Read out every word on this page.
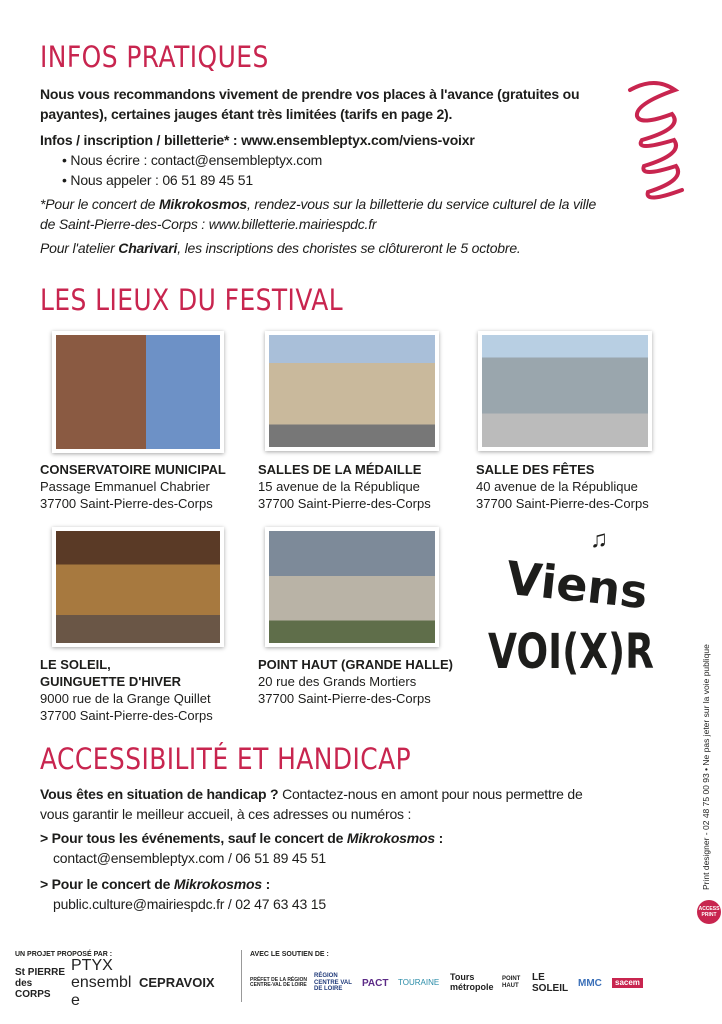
INFOS PRATIQUES
Nous vous recommandons vivement de prendre vos places à l'avance (gratuites ou payantes), certaines jauges étant très limitées (tarifs en page 2).
Infos / inscription / billetterie* : www.ensembleptyx.com/viens-voixr
• Nous écrire : contact@ensembleptyx.com
• Nous appeler : 06 51 89 45 51
*Pour le concert de Mikrokosmos, rendez-vous sur la billetterie du service culturel de la ville de Saint-Pierre-des-Corps : www.billetterie.mairiespdc.fr
Pour l'atelier Charivari, les inscriptions des choristes se clôtureront le 5 octobre.
LES LIEUX DU FESTIVAL
CONSERVATOIRE MUNICIPAL
Passage Emmanuel Chabrier
37700 Saint-Pierre-des-Corps
SALLES DE LA MÉDAILLE
15 avenue de la République
37700 Saint-Pierre-des-Corps
SALLE DES FÊTES
40 avenue de la République
37700 Saint-Pierre-des-Corps
LE SOLEIL,
GUINGUETTE D'HIVER
9000 rue de la Grange Quillet
37700 Saint-Pierre-des-Corps
POINT HAUT (GRANDE HALLE)
20 rue des Grands Mortiers
37700 Saint-Pierre-des-Corps
♫
Viens
VOI(X)R
ACCESSIBILITÉ ET HANDICAP
Vous êtes en situation de handicap ? Contactez-nous en amont pour nous permettre de vous garantir le meilleur accueil, à ces adresses ou numéros :
> Pour tous les événements, sauf le concert de Mikrokosmos :
contact@ensembleptyx.com / 06 51 89 45 51
> Pour le concert de Mikrokosmos :
public.culture@mairiespdc.fr / 02 47 63 43 15
Print designer - 02 48 75 00 93 • Ne pas jeter sur la voie publique
ACCESS PRINT
UN PROJET PROPOSÉ PAR :	AVEC LE SOUTIEN DE :
St PIERRE des CORPS
PTYX ensemble
CEPRAVOIX	PRÉFET DE LA RÉGION CENTRE-VAL DE LOIRE
RÉGION CENTRE VAL DE LOIRE
PACT	TOURAINE	Tours métropole
POINT HAUT
LE SOLEIL MMC	sacem
